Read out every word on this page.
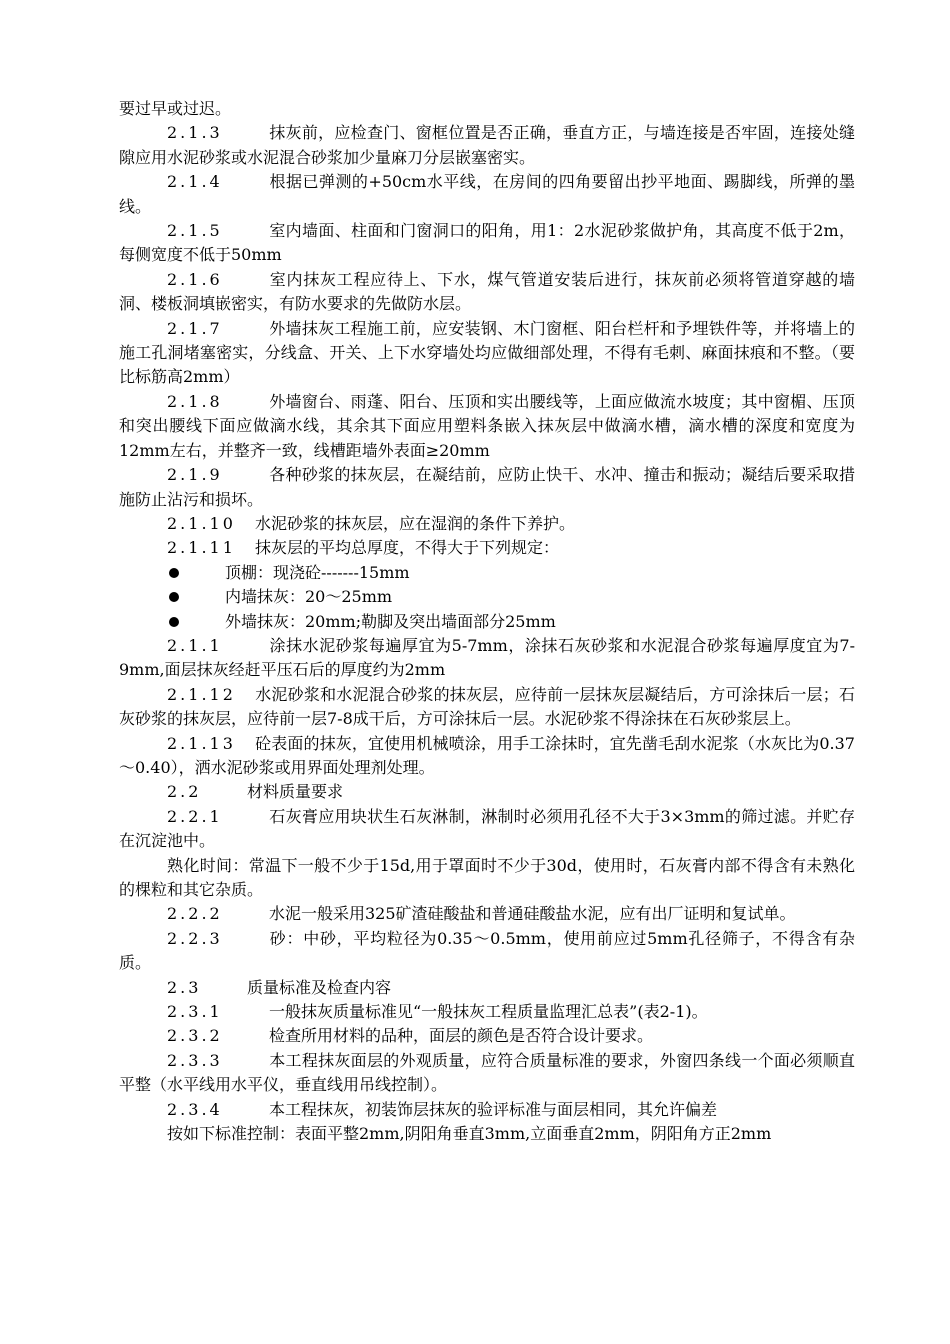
要过早或过迟。
2.1.3	抹灰前，应检查门、窗框位置是否正确，垂直方正，与墙连接是否牢固，连接处缝隙应用水泥砂浆或水泥混合砂浆加少量麻刀分层嵌塞密实。
2.1.4	根据已弹测的+50cm水平线，在房间的四角要留出抄平地面、踢脚线，所弹的墨线。
2.1.5	室内墙面、柱面和门窗洞口的阳角，用1：2水泥砂浆做护角，其高度不低于2m，每侧宽度不低于50mm
2.1.6	室内抹灰工程应待上、下水，煤气管道安装后进行，抹灰前必须将管道穿越的墙洞、楼板洞填嵌密实，有防水要求的先做防水层。
2.1.7	外墙抹灰工程施工前，应安装钢、木门窗框、阳台栏杆和予埋铁件等，并将墙上的施工孔洞堵塞密实，分线盒、开关、上下水穿墙处均应做细部处理，不得有毛刺、麻面抹痕和不整。（要比标筋高2mm）
2.1.8	外墙窗台、雨蓬、阳台、压顶和实出腰线等，上面应做流水坡度；其中窗楣、压顶和突出腰线下面应做滴水线，其余其下面应用塑料条嵌入抹灰层中做滴水槽，滴水槽的深度和宽度为12mm左右，并整齐一致，线槽距墙外表面≥20mm
2.1.9	各种砂浆的抹灰层，在凝结前，应防止快干、水冲、撞击和振动；凝结后要采取措施防止沾污和损坏。
2.1.10 水泥砂浆的抹灰层，应在湿润的条件下养护。
2.1.11 抹灰层的平均总厚度，不得大于下列规定：
顶棚：现浇砼-------15mm
内墙抹灰：20～25mm
外墙抹灰：20mm;勒脚及突出墙面部分25mm
2.1.1	涂抹水泥砂浆每遍厚宜为5-7mm，涂抹石灰砂浆和水泥混合砂浆每遍厚度宜为7-9mm,面层抹灰经赶平压石后的厚度约为2mm
2.1.12 水泥砂浆和水泥混合砂浆的抹灰层，应待前一层抹灰层凝结后，方可涂抹后一层；石灰砂浆的抹灰层，应待前一层7-8成干后，方可涂抹后一层。水泥砂浆不得涂抹在石灰砂浆层上。
2.1.13 砼表面的抹灰，宜使用机械喷涂，用手工涂抹时，宜先凿毛刮水泥浆（水灰比为0.37～0.40），洒水泥砂浆或用界面处理剂处理。
2.2	材料质量要求
2.2.1	石灰膏应用块状生石灰淋制，淋制时必须用孔径不大于3×3mm的筛过滤。并贮存在沉淀池中。
熟化时间：常温下一般不少于15d,用于罩面时不少于30d，使用时，石灰膏内部不得含有未熟化的棵粒和其它杂质。
2.2.2	水泥一般采用325矿渣硅酸盐和普通硅酸盐水泥，应有出厂证明和复试单。
2.2.3	砂：中砂，平均粒径为0.35～0.5mm，使用前应过5mm孔径筛子，不得含有杂质。
2.3	质量标准及检查内容
2.3.1	一般抹灰质量标准见“一般抹灰工程质量监理汇总表”(表2-1)。
2.3.2	检查所用材料的品种，面层的颜色是否符合设计要求。
2.3.3	本工程抹灰面层的外观质量，应符合质量标准的要求，外窗四条线一个面必须顺直平整（水平线用水平仪，垂直线用吊线控制）。
2.3.4	本工程抹灰，初装饰层抹灰的验评标准与面层相同，其允许偏差
按如下标准控制：表面平整2mm,阴阳角垂直3mm,立面垂直2mm，阴阳角方正2mm
